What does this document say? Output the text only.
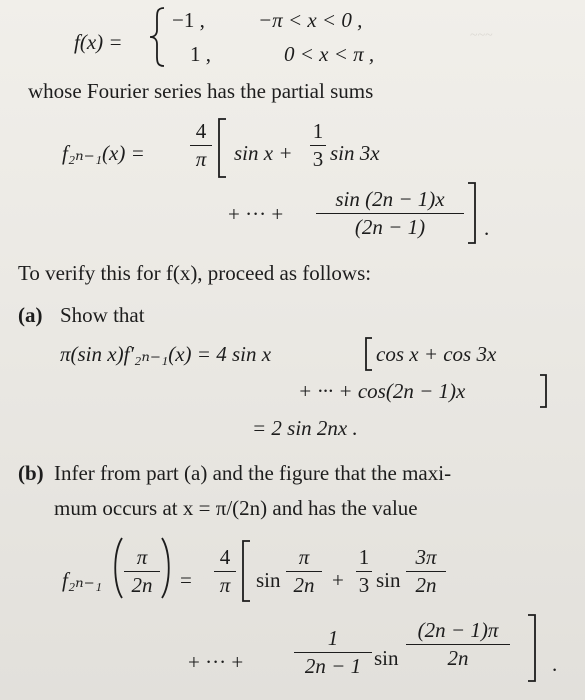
~~~
f(x) =
−1 ,	−π < x < 0 ,
1 ,	0 < x < π ,
whose Fourier series has the partial sums
f₂ₙ₋₁(x) =
4
π sin x +
1
3 sin 3x
+ ··· +
sin (2n − 1)x
(2n − 1)	.
To verify this for f(x), proceed as follows:
(a) Show that
π(sin x)f′₂ₙ₋₁(x) = 4 sin x	cos x + cos 3x
+ ··· + cos(2n − 1)x
= 2 sin 2nx .
(b) Infer from part (a) and the figure that the maxi-
mum occurs at x = π/(2n) and has the value
f₂ₙ₋₁
π
2n	=
4
π sin
π
2n +
1
3 sin
3π
2n
+ ··· +
1
2n − 1 sin
(2n − 1)π
2n	.
